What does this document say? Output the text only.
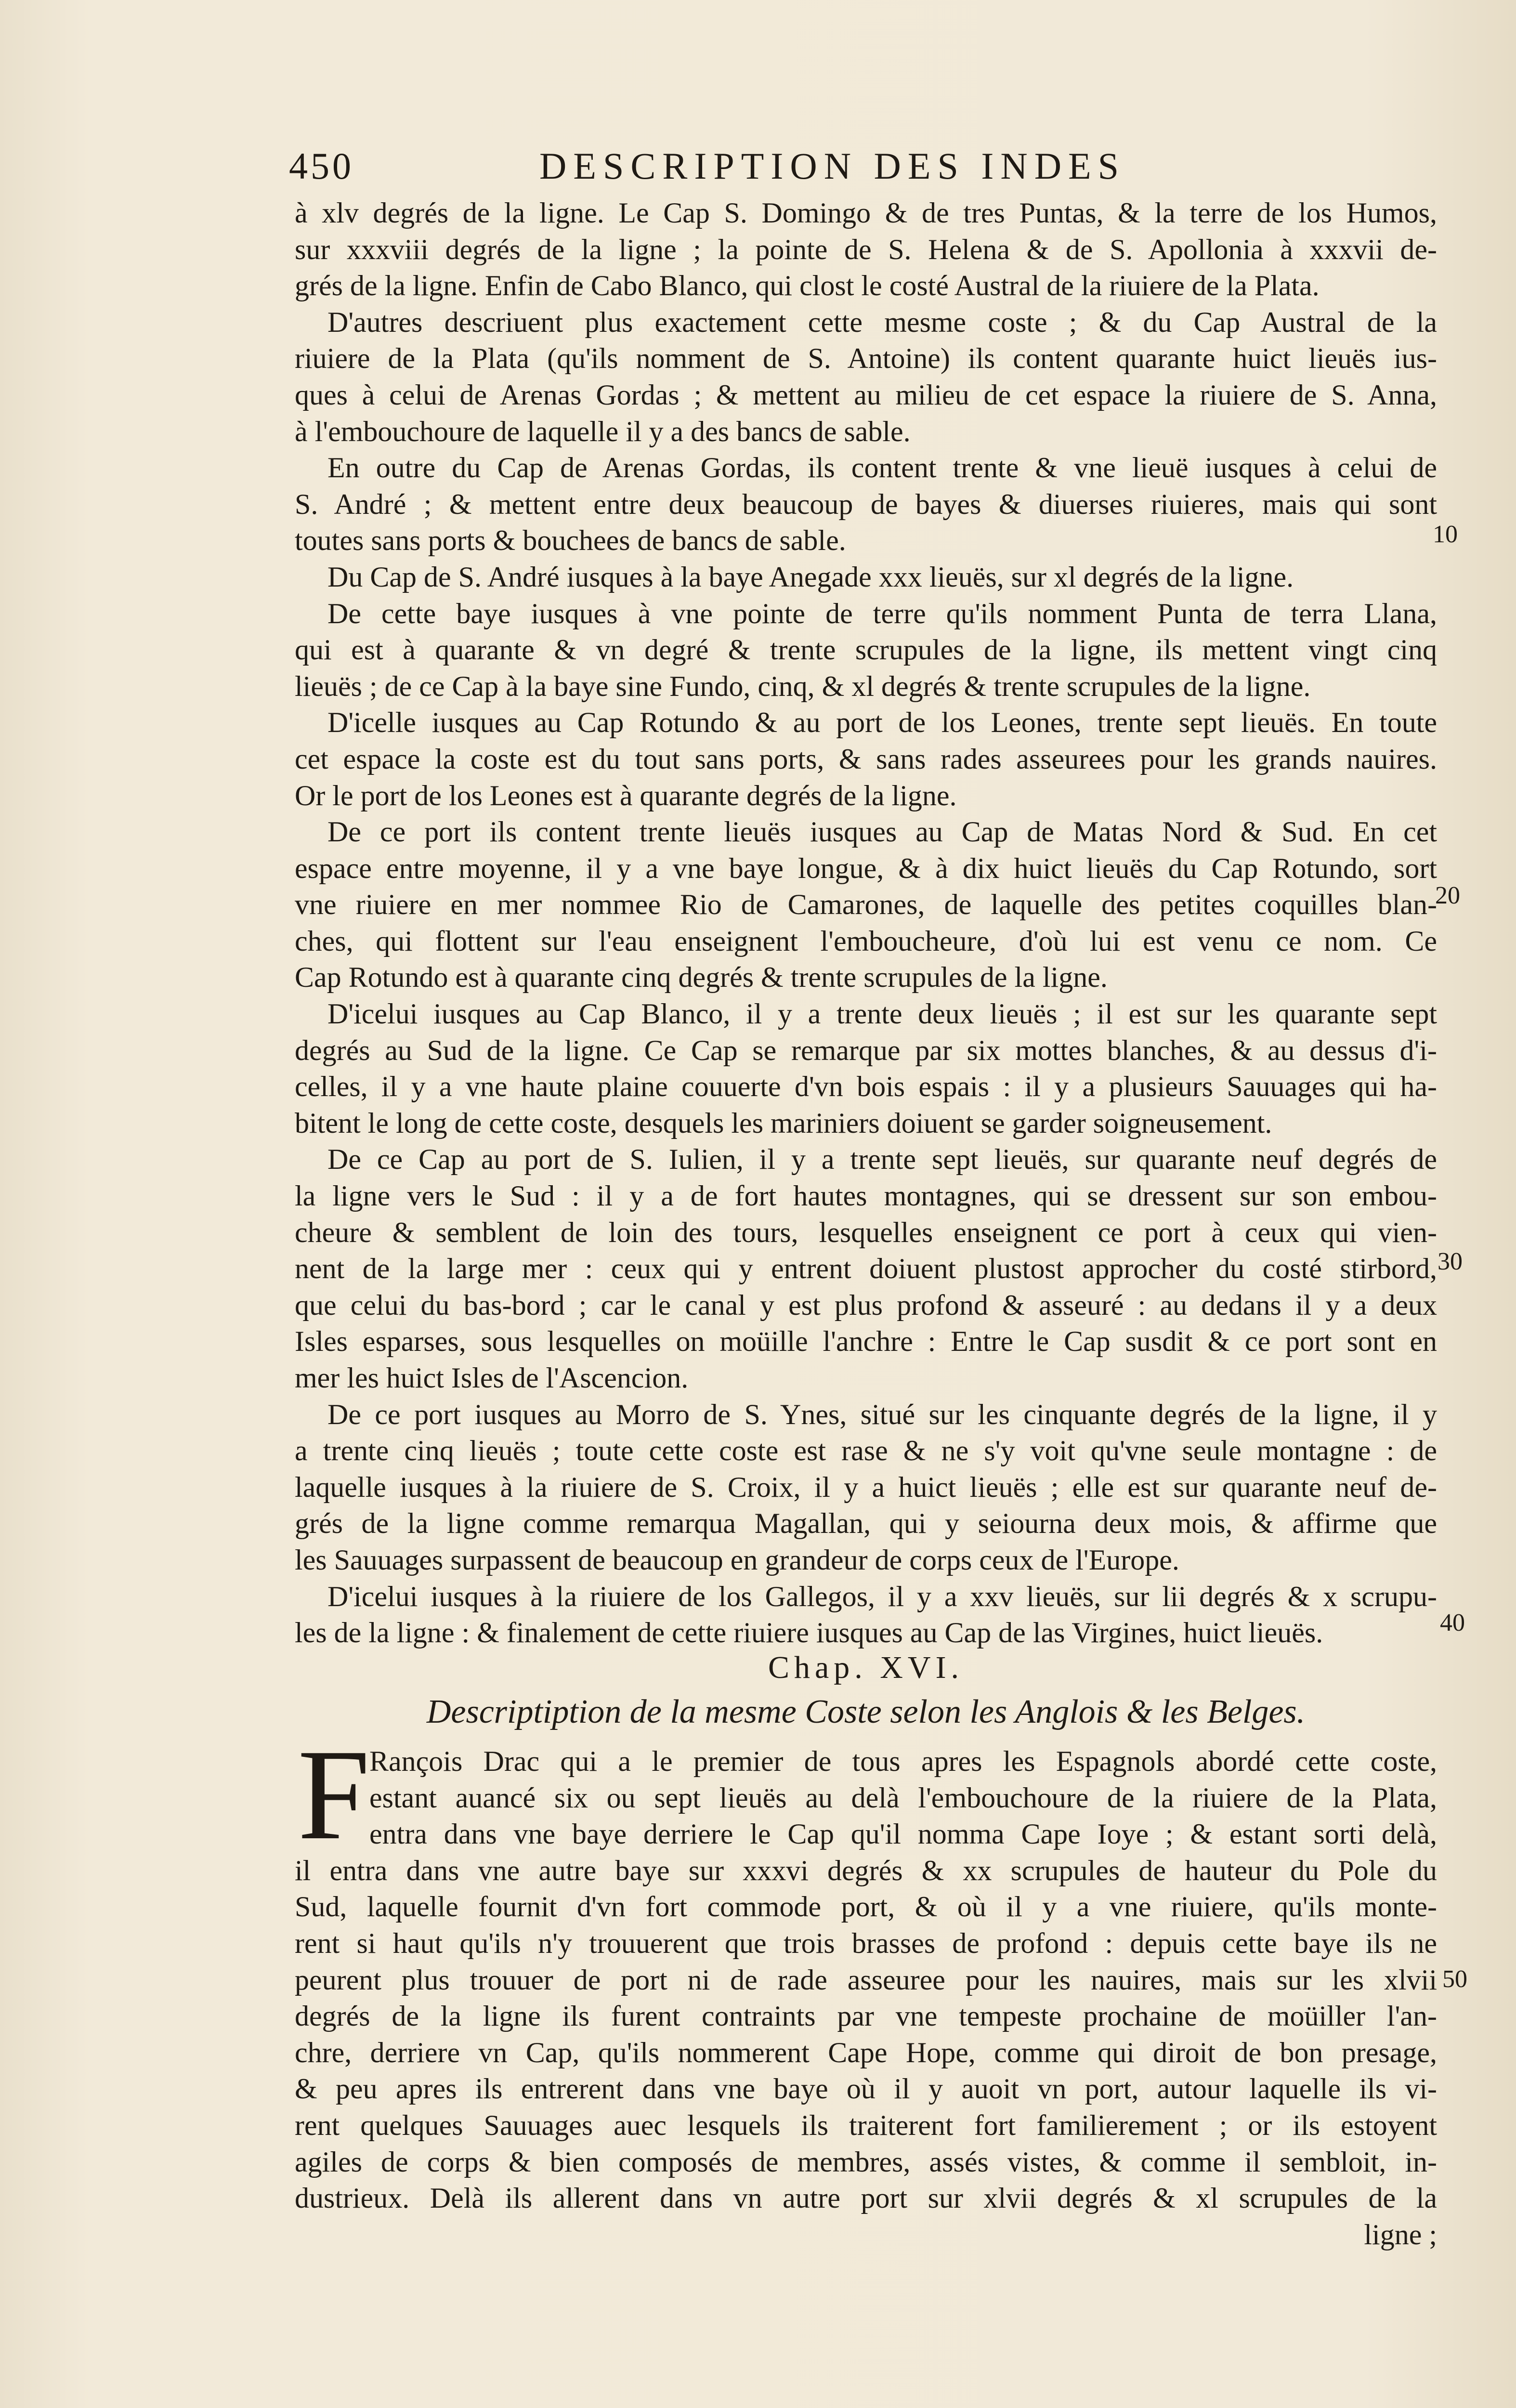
450	DESCRIPTION DES INDES
à xlv degrés de la ligne. Le Cap S. Domingo & de tres Puntas, & la terre de los Humos,
sur xxxviii degrés de la ligne ; la pointe de S. Helena & de S. Apollonia à xxxvii de-
grés de la ligne. Enfin de Cabo Blanco, qui clost le costé Austral de la riuiere de la Plata.
D'autres descriuent plus exactement cette mesme coste ; & du Cap Austral de la
riuiere de la Plata (qu'ils nomment de S. Antoine) ils content quarante huict lieuës ius-
ques à celui de Arenas Gordas ; & mettent au milieu de cet espace la riuiere de S. Anna,
à l'embouchoure de laquelle il y a des bancs de sable.
En outre du Cap de Arenas Gordas, ils content trente & vne lieuë iusques à celui de
S. André ; & mettent entre deux beaucoup de bayes & diuerses riuieres, mais qui sont
toutes sans ports & bouchees de bancs de sable.
Du Cap de S. André iusques à la baye Anegade xxx lieuës, sur xl degrés de la ligne.
De cette baye iusques à vne pointe de terre qu'ils nomment Punta de terra Llana,
qui est à quarante & vn degré & trente scrupules de la ligne, ils mettent vingt cinq
lieuës ; de ce Cap à la baye sine Fundo, cinq, & xl degrés & trente scrupules de la ligne.
D'icelle iusques au Cap Rotundo & au port de los Leones, trente sept lieuës. En toute
cet espace la coste est du tout sans ports, & sans rades asseurees pour les grands nauires.
Or le port de los Leones est à quarante degrés de la ligne.
De ce port ils content trente lieuës iusques au Cap de Matas Nord & Sud. En cet
espace entre moyenne, il y a vne baye longue, & à dix huict lieuës du Cap Rotundo, sort
vne riuiere en mer nommee Rio de Camarones, de laquelle des petites coquilles blan-
ches, qui flottent sur l'eau enseignent l'emboucheure, d'où lui est venu ce nom. Ce
Cap Rotundo est à quarante cinq degrés & trente scrupules de la ligne.
D'icelui iusques au Cap Blanco, il y a trente deux lieuës ; il est sur les quarante sept
degrés au Sud de la ligne. Ce Cap se remarque par six mottes blanches, & au dessus d'i-
celles, il y a vne haute plaine couuerte d'vn bois espais : il y a plusieurs Sauuages qui ha-
bitent le long de cette coste, desquels les mariniers doiuent se garder soigneusement.
De ce Cap au port de S. Iulien, il y a trente sept lieuës, sur quarante neuf degrés de
la ligne vers le Sud : il y a de fort hautes montagnes, qui se dressent sur son embou-
cheure & semblent de loin des tours, lesquelles enseignent ce port à ceux qui vien-
nent de la large mer : ceux qui y entrent doiuent plustost approcher du costé stirbord,
que celui du bas-bord ; car le canal y est plus profond & asseuré : au dedans il y a deux
Isles esparses, sous lesquelles on moüille l'anchre : Entre le Cap susdit & ce port sont en
mer les huict Isles de l'Ascencion.
De ce port iusques au Morro de S. Ynes, situé sur les cinquante degrés de la ligne, il y
a trente cinq lieuës ; toute cette coste est rase & ne s'y voit qu'vne seule montagne : de
laquelle iusques à la riuiere de S. Croix, il y a huict lieuës ; elle est sur quarante neuf de-
grés de la ligne comme remarqua Magallan, qui y seiourna deux mois, & affirme que
les Sauuages surpassent de beaucoup en grandeur de corps ceux de l'Europe.
D'icelui iusques à la riuiere de los Gallegos, il y a xxv lieuës, sur lii degrés & x scrupu-
les de la ligne : & finalement de cette riuiere iusques au Cap de las Virgines, huict lieuës.
Chap. XVI.
Descriptiption de la mesme Coste selon les Anglois & les Belges.
F
Rançois Drac qui a le premier de tous apres les Espagnols abordé cette coste,
estant auancé six ou sept lieuës au delà l'embouchoure de la riuiere de la Plata,
entra dans vne baye derriere le Cap qu'il nomma Cape Ioye ; & estant sorti delà,
il entra dans vne autre baye sur xxxvi degrés & xx scrupules de hauteur du Pole du
Sud, laquelle fournit d'vn fort commode port, & où il y a vne riuiere, qu'ils monte-
rent si haut qu'ils n'y trouuerent que trois brasses de profond : depuis cette baye ils ne
peurent plus trouuer de port ni de rade asseuree pour les nauires, mais sur les xlvii
degrés de la ligne ils furent contraints par vne tempeste prochaine de moüiller l'an-
chre, derriere vn Cap, qu'ils nommerent Cape Hope, comme qui diroit de bon presage,
& peu apres ils entrerent dans vne baye où il y auoit vn port, autour laquelle ils vi-
rent quelques Sauuages auec lesquels ils traiterent fort familierement ; or ils estoyent
agiles de corps & bien composés de membres, assés vistes, & comme il sembloit, in-
dustrieux. Delà ils allerent dans vn autre port sur xlvii degrés & xl scrupules de la
ligne ;
10
20
30
40
50
